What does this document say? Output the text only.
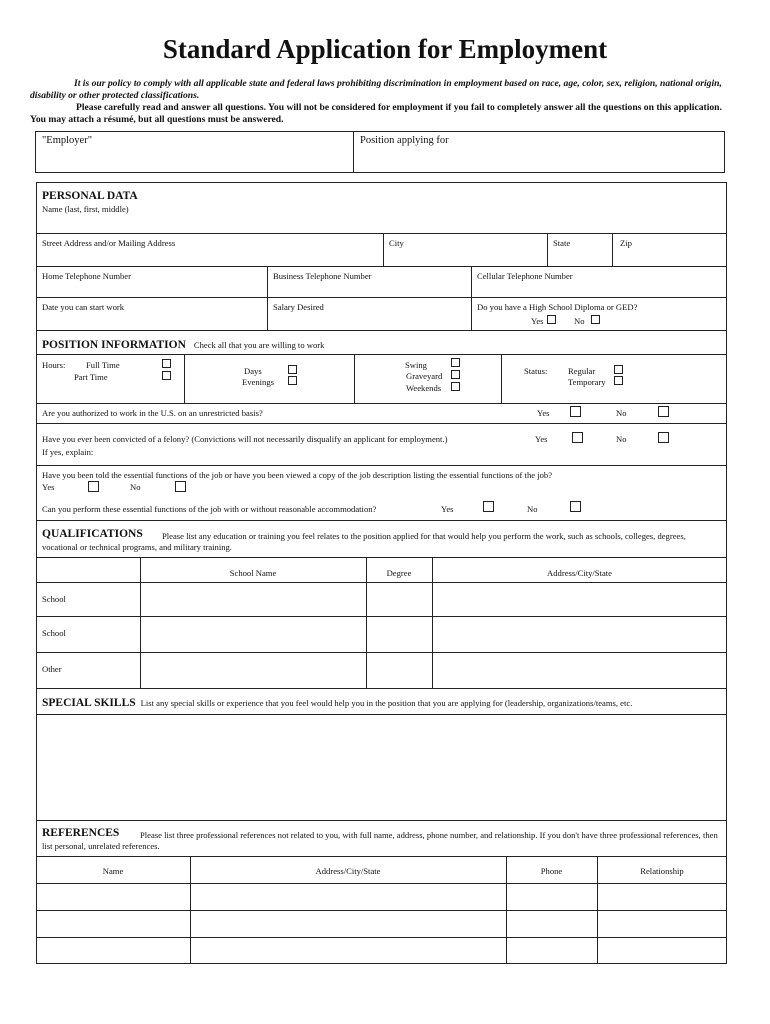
Standard Application for Employment
It is our policy to comply with all applicable state and federal laws prohibiting discrimination in employment based on race, age, color, sex, religion, national origin, disability or other protected classifications.
Please carefully read and answer all questions. You will not be considered for employment if you fail to completely answer all the questions on this application. You may attach a résumé, but all questions must be answered.
"Employer"	Position applying for
PERSONAL DATA
Name (last, first, middle)
Street Address and/or Mailing Address	City	State	Zip
Home Telephone Number	Business Telephone Number	Cellular Telephone Number
Date you can start work	Salary Desired	Do you have a High School Diploma or GED?
Yes	No
POSITION INFORMATION Check all that you are willing to work
Hours: Full Time
Part Time
Days
Evenings
Swing
Graveyard
Weekends
Status: Regular
Temporary
Are you authorized to work in the U.S. on an unrestricted basis?	Yes	No
Have you ever been convicted of a felony? (Convictions will not necessarily disqualify an applicant for employment.)	Yes	No
If yes, explain:
Have you been told the essential functions of the job or have you been viewed a copy of the job description listing the essential functions of the job?
Yes	No
Can you perform these essential functions of the job with or without reasonable accommodation?	Yes	No
QUALIFICATIONS	Please list any education or training you feel relates to the position applied for that would help you perform the work, such as schools, colleges, degrees, vocational or technical programs, and military training.
School Name	Degree	Address/City/State
School
School
Other
SPECIAL SKILLS List any special skills or experience that you feel would help you in the position that you are applying for (leadership, organizations/teams, etc.
REFERENCES	Please list three professional references not related to you, with full name, address, phone number, and relationship. If you don't have three professional references, then list personal, unrelated references.
Name	Address/City/State	Phone	Relationship
